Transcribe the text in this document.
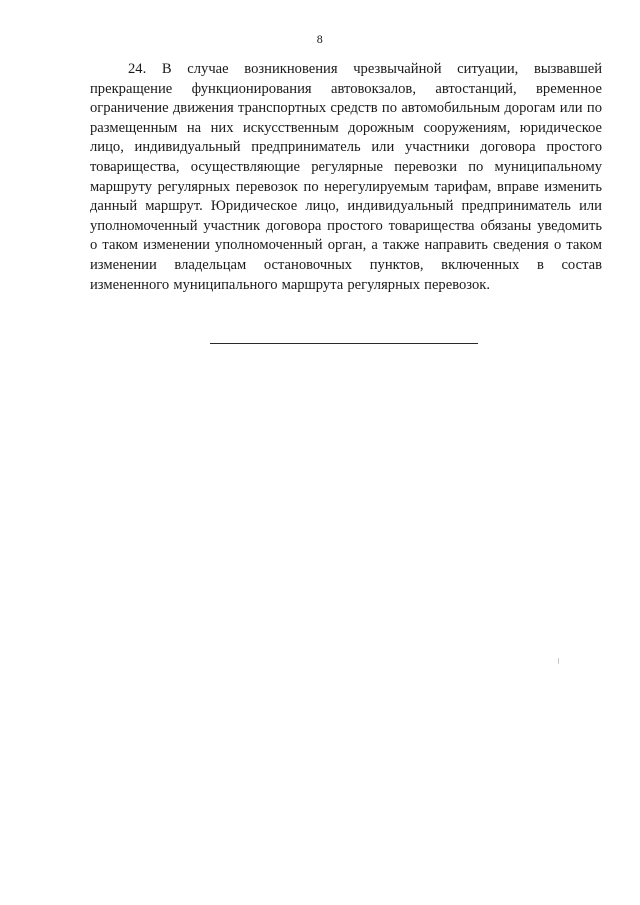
8

24. В случае возникновения чрезвычайной ситуации, вызвавшей прекращение функционирования автовокзалов, автостанций, временное ограничение движения транспортных средств по автомобильным дорогам или по размещенным на них искусственным дорожным сооружениям, юридическое лицо, индивидуальный предприниматель или участники договора простого товарищества, осуществляющие регулярные перевозки по муниципальному маршруту регулярных перевозок по нерегулируемым тарифам, вправе изменить данный маршрут. Юридическое лицо, индивидуальный предприниматель или уполномоченный участник договора простого товарищества обязаны уведомить о таком изменении уполномоченный орган, а также направить сведения о таком изменении владельцам остановочных пунктов, включенных в состав измененного муниципального маршрута регулярных перевозок.
